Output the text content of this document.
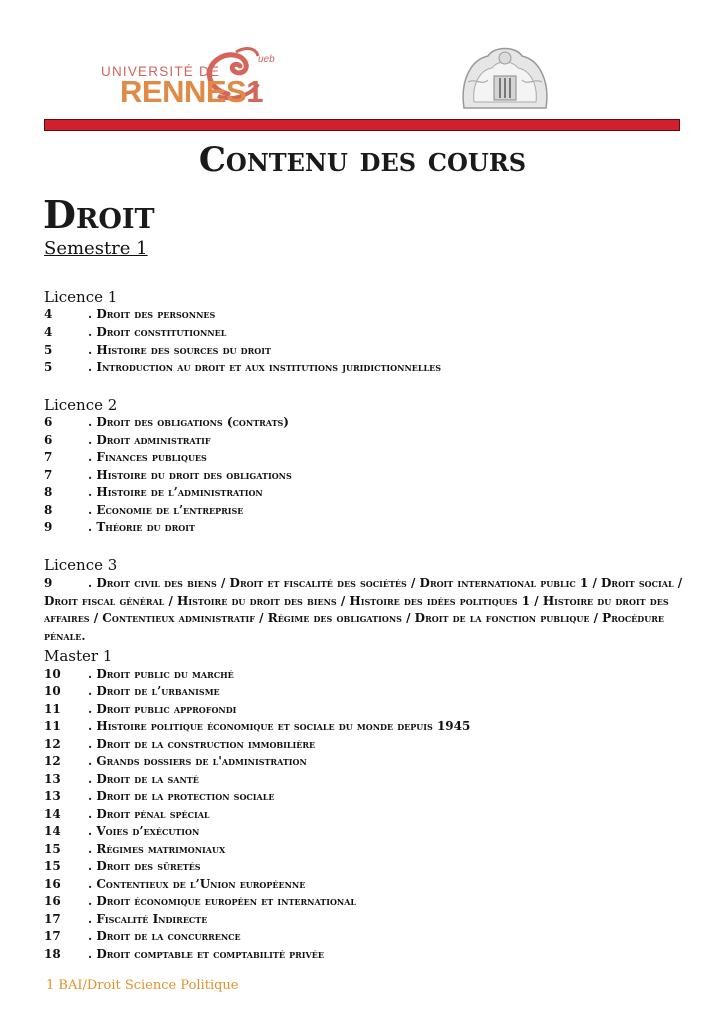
UNIVERSITÉ DE
RENNES1
ueb
Contenu des cours
Droit
Semestre 1
Licence 1
4	. Droit des personnes
4	. Droit constitutionnel
5	. Histoire des sources du droit
5	. Introduction au droit et aux institutions juridictionnelles
Licence 2
6	. Droit des obligations (contrats)
6	. Droit administratif
7	. Finances publiques
7	. Histoire du droit des obligations
8	. Histoire de l’administration
8	. Economie de l’entreprise
9	. Théorie du droit
Licence 3
9	. Droit civil des biens / Droit et fiscalité des sociétés / Droit international public 1 / Droit social / Droit fiscal général / Histoire du droit des biens / Histoire des idées politiques 1 / Histoire du droit des affaires / Contentieux administratif / Régime des obligations / Droit de la fonction publique / Procédure pénale.
Master 1
10 . Droit public du marché
10 . Droit de l’urbanisme
11 . Droit public approfondi
11 . Histoire politique économique et sociale du monde depuis 1945
12 . Droit de la construction immobilière
12 . Grands dossiers de l'administration
13 . Droit de la santé
13 . Droit de la protection sociale
14 . Droit pénal spécial
14 . Voies d’exécution
15 . Régimes matrimoniaux
15 . Droit des sûretés
16 . Contentieux de l’Union européenne
16 . Droit économique européen et international
17 . Fiscalité Indirecte
17 . Droit de la concurrence
18 . Droit comptable et comptabilité privée
1 BAI/Droit Science Politique
